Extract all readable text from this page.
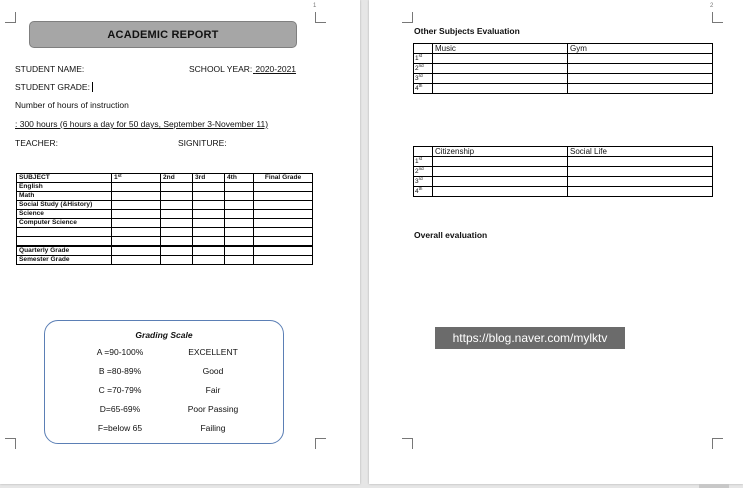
1
ACADEMIC REPORT
STUDENT NAME:	SCHOOL YEAR: 2020-2021
STUDENT GRADE:
Number of hours of instruction
: 300 hours (6 hours a day for 50 days, September 3-November 11)
TEACHER:	SIGNITURE:
SUBJECT	1st	2nd	3rd	4th	Final Grade
English					
Math					
Social Study (&History)					
Science					
Computer Science					

Quarterly Grade					
Semester Grade					
Grading Scale
A =90-100%	EXCELLENT
B =80-89%	Good
C =70-79%	Fair
D=65-69%	Poor Passing
F=below 65	Failing
2
Other Subjects Evaluation
	Music	Gym
1st		
2nd		
3rd		
4th		
	Citizenship	Social Life
1st		
2nd		
3rd		
4th		
Overall evaluation
https://blog.naver.com/mylktv
